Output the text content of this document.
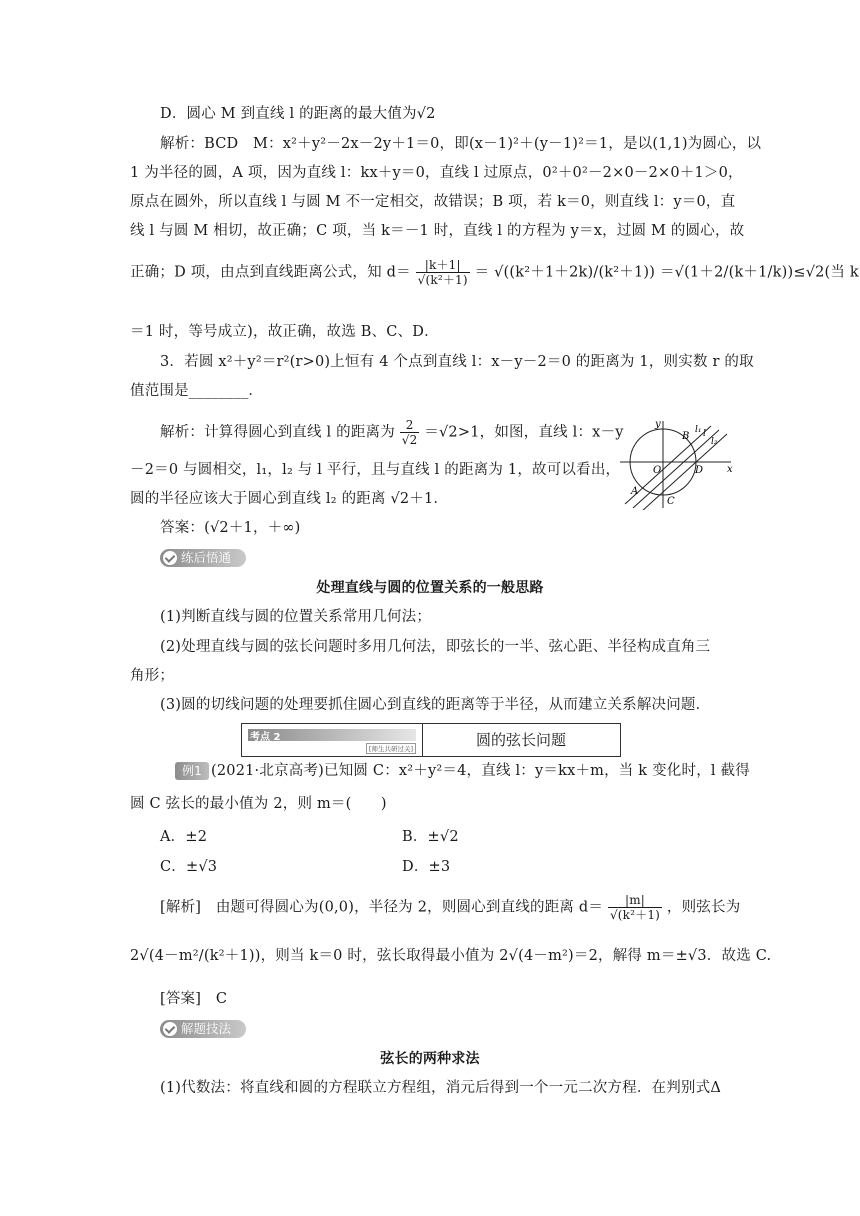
D．圆心 M 到直线 l 的距离的最大值为√2
解析：BCD　M：x²＋y²－2x－2y＋1＝0，即(x－1)²＋(y－1)²＝1，是以(1,1)为圆心，以
1 为半径的圆，A 项，因为直线 l：kx＋y＝0，直线 l 过原点，0²＋0²－2×0－2×0＋1＞0，
原点在圆外，所以直线 l 与圆 M 不一定相交，故错误；B 项，若 k＝0，则直线 l：y＝0，直
线 l 与圆 M 相切，故正确；C 项，当 k＝－1 时，直线 l 的方程为 y＝x，过圆 M 的圆心，故
正确；D 项，由点到直线距离公式，知 $d= \frac{|k+1|}{\text{√(k²＋1)}} = √((k^2+1+2k)/(k^2+1)) =√(1+2/(k+1/k))\le√2$(当 k
＝1 时，等号成立)，故正确，故选 B、C、D．
3．若圆 x²＋y²＝r²(r>0)上恒有 4 个点到直线 l：x－y－2＝0 的距离为 1，则实数 r 的取
值范围是________．
解析：计算得圆心到直线 l 的距离为 $\frac{2}{√2} =√2>1$，如图，直线 l：x－y
－2＝0 与圆相交，l₁，l₂ 与 l 平行，且与直线 l 的距离为 1，故可以看出，
圆的半径应该大于圆心到直线 l₂ 的距离 √2＋1．
答案：(√2＋1，＋∞)
y
x
O	D
B
A
C
l
l₁
l₂
练后悟通
处理直线与圆的位置关系的一般思路
(1)判断直线与圆的位置关系常用几何法；
(2)处理直线与圆的弦长问题时多用几何法，即弦长的一半、弦心距、半径构成直角三
角形；
(3)圆的切线问题的处理要抓住圆心到直线的距离等于半径，从而建立关系解决问题．
考点 2
[师生共研过关]	圆的弦长问题
例1 (2021·北京高考)已知圆 C：x²＋y²＝4，直线 l：y＝kx＋m，当 k 变化时，l 截得
圆 C 弦长的最小值为 2，则 m＝(　　)
A．±2	B．±√2
C．±√3	D．±3
[解析]　由题可得圆心为(0,0)，半径为 2，则圆心到直线的距离 $d= \frac{|m|}{\text{√(k²＋1)}}$ ，则弦长为
2√(4－m²/(k²＋1))，则当 k＝0 时，弦长取得最小值为 2√(4－m²)＝2，解得 m＝±√3．故选 C.
[答案]　C
解题技法
弦长的两种求法
(1)代数法：将直线和圆的方程联立方程组，消元后得到一个一元二次方程．在判别式Δ
